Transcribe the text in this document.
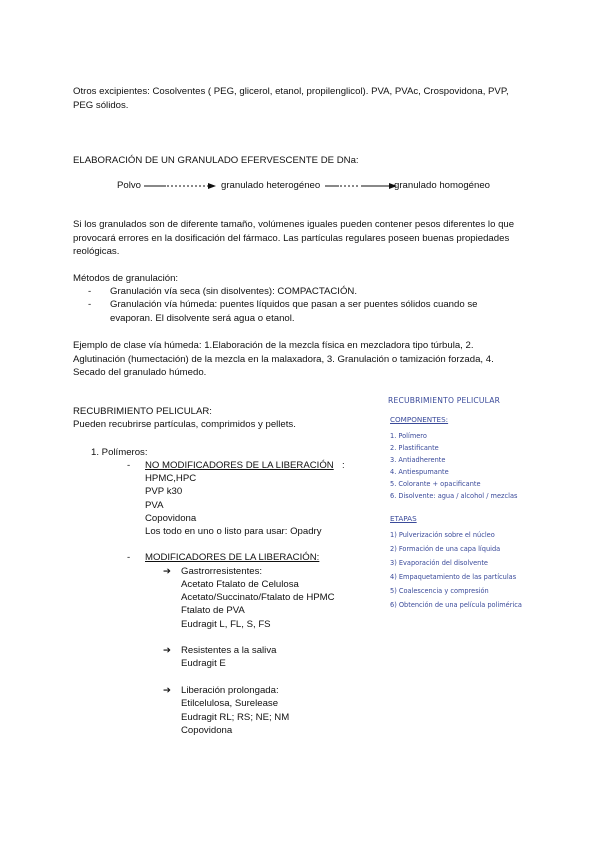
Otros excipientes: Cosolventes ( PEG, glicerol, etanol, propilenglicol). PVA, PVAc, Crospovidona, PVP, PEG sólidos.

ELABORACIÓN DE UN GRANULADO EFERVESCENTE DE DNa:
Polvo	granulado heterogéneo	granulado homogéneo

Si los granulados son de diferente tamaño, volúmenes iguales pueden contener pesos diferentes lo que provocará errores en la dosificación del fármaco. Las partículas regulares poseen buenas propiedades reológicas.

Métodos de granulación:
- Granulación vía seca (sin disolventes): COMPACTACIÓN.
- Granulación vía húmeda: puentes líquidos que pasan a ser puentes sólidos cuando se evaporan. El disolvente será agua o etanol.

Ejemplo de clase vía húmeda: 1.Elaboración de la mezcla física en mezcladora tipo túrbula, 2. Aglutinación (humectación) de la mezcla en la malaxadora, 3. Granulación o tamización forzada, 4. Secado del granulado húmedo.

RECUBRIMIENTO PELICULAR:
Pueden recubrirse partículas, comprimidos y pellets.
1. Polímeros:
- NO MODIFICADORES DE LA LIBERACIÓN :
HPMC,HPC
PVP k30
PVA
Copovidona
Los todo en uno o listo para usar: Opadry
- MODIFICADORES DE LA LIBERACIÓN:
➔ Gastrorresistentes:
Acetato Ftalato de Celulosa
Acetato/Succinato/Ftalato de HPMC
Ftalato de PVA
Eudragit L, FL, S, FS
➔ Resistentes a la saliva
Eudragit E
➔ Liberación prolongada:
Etilcelulosa, Surelease
Eudragit RL; RS; NE; NM
Copovidona
RECUBRIMIENTO PELICULAR
COMPONENTES:
1. Polímero
2. Plastificante
3. Antiadherente
4. Antiespumante
5. Colorante + opacificante
6. Disolvente: agua / alcohol / mezclas
ETAPAS
1) Pulverización sobre el núcleo
2) Formación de una capa líquida
3) Evaporación del disolvente
4) Empaquetamiento de las partículas
5) Coalescencia y compresión
6) Obtención de una película polimérica
